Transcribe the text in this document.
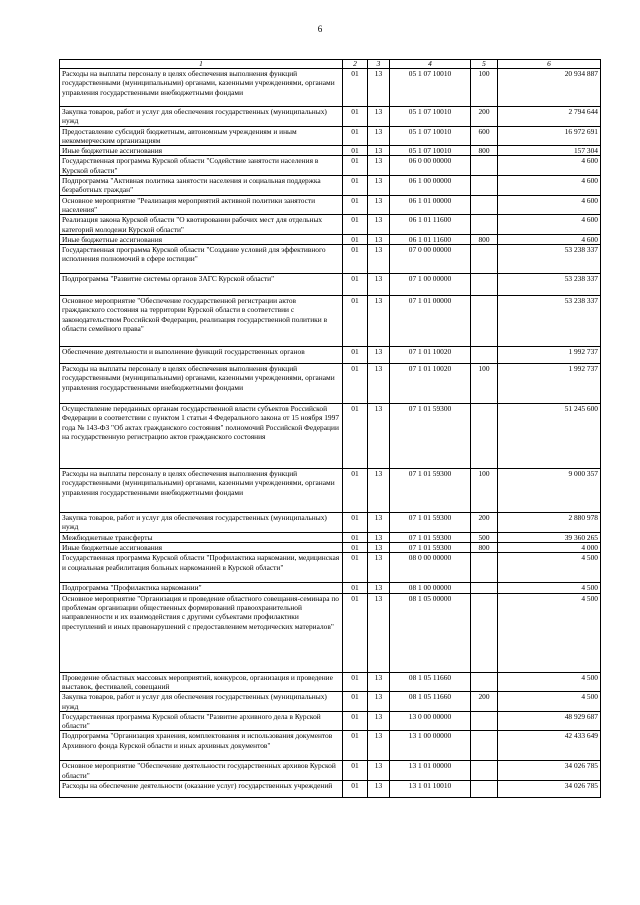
6
1	2	3	4	5	6
Расходы на выплаты персоналу в целях обеспечения выполнения функций государственными (муниципальными) органами, казенными учреждениями, органами управления государственными внебюджетными фондами	01	13	05 1 07 10010	100	20 934 887
Закупка товаров, работ и услуг для обеспечения государственных (муниципальных) нужд	01	13	05 1 07 10010	200	2 794 644
Предоставление субсидий бюджетным, автономным учреждениям и иным некоммерческим организациям	01	13	05 1 07 10010	600	16 972 691
Иные бюджетные ассигнования	01	13	05 1 07 10010	800	157 304
Государственная программа Курской области "Содействие занятости населения в Курской области"	01	13	06 0 00 00000		4 600
Подпрограмма "Активная политика занятости населения и социальная поддержка безработных граждан"	01	13	06 1 00 00000		4 600
Основное мероприятие "Реализация мероприятий активной политики занятости населения"	01	13	06 1 01 00000		4 600
Реализация закона Курской области "О квотировании рабочих мест для отдельных категорий молодежи Курской области"	01	13	06 1 01 11600		4 600
Иные бюджетные ассигнования	01	13	06 1 01 11600	800	4 600
Государственная программа Курской области "Создание условий для эффективного исполнения полномочий в сфере юстиции"	01	13	07 0 00 00000		53 238 337
Подпрограмма "Развитие системы органов ЗАГС Курской области"	01	13	07 1 00 00000		53 238 337
Основное мероприятие "Обеспечение государственной регистрации актов гражданского состояния на территории Курской области в соответствии с законодательством Российской Федерации, реализация государственной политики в области семейного права"	01	13	07 1 01 00000		53 238 337
Обеспечение деятельности и выполнение функций государственных органов	01	13	07 1 01 10020		1 992 737
Расходы на выплаты персоналу в целях обеспечения выполнения функций государственными (муниципальными) органами, казенными учреждениями, органами управления государственными внебюджетными фондами	01	13	07 1 01 10020	100	1 992 737
Осуществление переданных органам государственной власти субъектов Российской Федерации в соответствии с пунктом 1 статьи 4 Федерального закона от 15 ноября 1997 года № 143-ФЗ "Об актах гражданского состояния" полномочий Российской Федерации на государственную регистрацию актов гражданского состояния	01	13	07 1 01 59300		51 245 600
Расходы на выплаты персоналу в целях обеспечения выполнения функций государственными (муниципальными) органами, казенными учреждениями, органами управления государственными внебюджетными фондами	01	13	07 1 01 59300	100	9 000 357
Закупка товаров, работ и услуг для обеспечения государственных (муниципальных) нужд	01	13	07 1 01 59300	200	2 880 978
Межбюджетные трансферты	01	13	07 1 01 59300	500	39 360 265
Иные бюджетные ассигнования	01	13	07 1 01 59300	800	4 000
Государственная программа Курской области "Профилактика наркомании, медицинская и социальная реабилитация больных наркоманией в Курской области"	01	13	08 0 00 00000		4 500
Подпрограмма "Профилактика наркомании"	01	13	08 1 00 00000		4 500
Основное мероприятие "Организация и проведение областного совещания-семинара по проблемам организации общественных формирований правоохранительной направленности и их взаимодействия с другими субъектами профилактики преступлений и иных правонарушений с предоставлением методических материалов"	01	13	08 1 05 00000		4 500
Проведение областных массовых мероприятий, конкурсов, организация и проведение выставок, фестивалей, совещаний	01	13	08 1 05 11660		4 500
Закупка товаров, работ и услуг для обеспечения государственных (муниципальных) нужд	01	13	08 1 05 11660	200	4 500
Государственная программа Курской области "Развитие архивного дела в Курской области"	01	13	13 0 00 00000		48 929 687
Подпрограмма "Организация хранения, комплектования и использования документов Архивного фонда Курской области и иных архивных документов"	01	13	13 1 00 00000		42 433 649
Основное мероприятие "Обеспечение деятельности государственных архивов Курской области"	01	13	13 1 01 00000		34 026 785
Расходы на обеспечение деятельности (оказание услуг) государственных учреждений	01	13	13 1 01 10010		34 026 785
